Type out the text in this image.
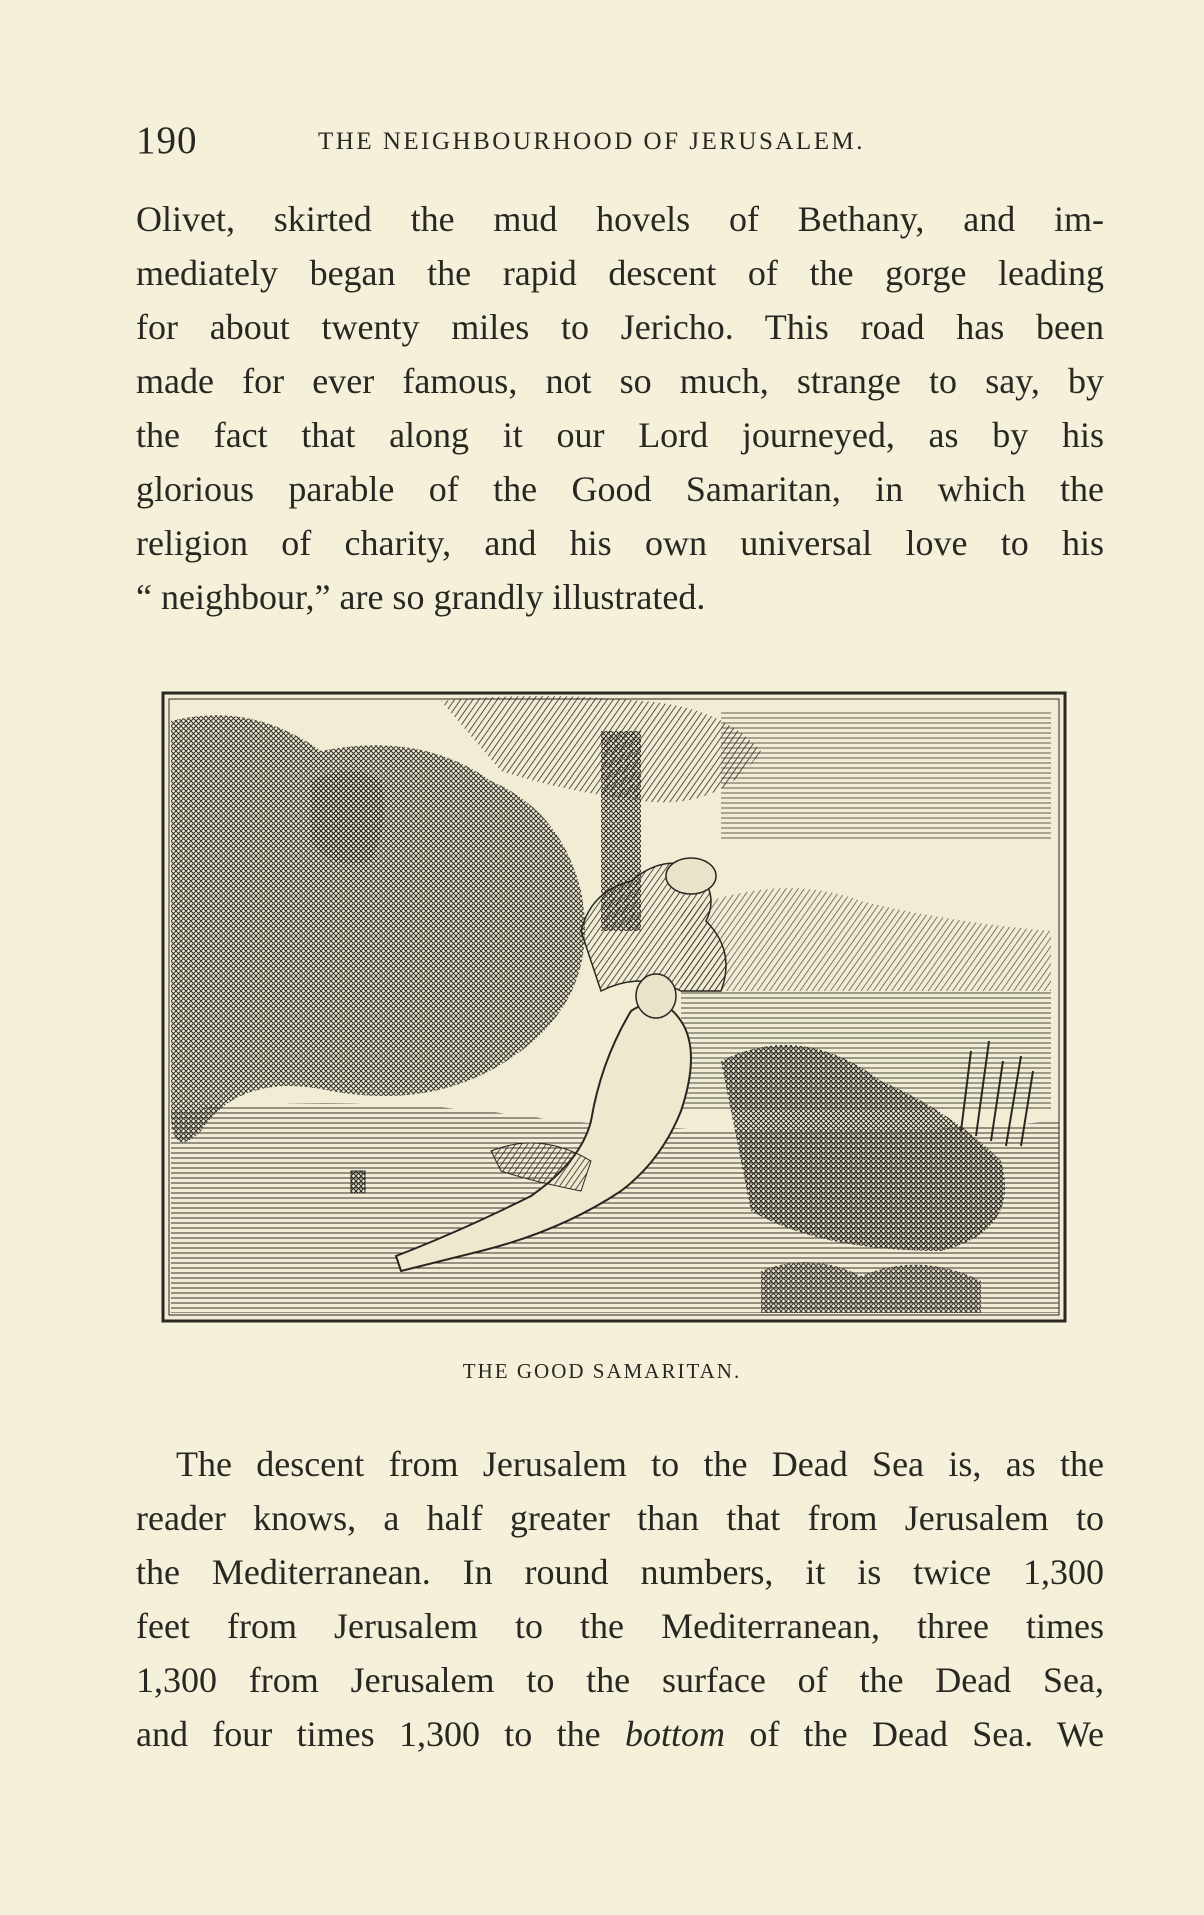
190	THE NEIGHBOURHOOD OF JERUSALEM.
Olivet, skirted the mud hovels of Bethany, and im-
mediately began the rapid descent of the gorge leading
for about twenty miles to Jericho. This road has been
made for ever famous, not so much, strange to say, by
the fact that along it our Lord journeyed, as by his
glorious parable of the Good Samaritan, in which the
religion of charity, and his own universal love to his
“ neighbour,” are so grandly illustrated.
THE GOOD SAMARITAN.
The descent from Jerusalem to the Dead Sea is, as the
reader knows, a half greater than that from Jerusalem to
the Mediterranean. In round numbers, it is twice 1,300
feet from Jerusalem to the Mediterranean, three times
1,300 from Jerusalem to the surface of the Dead Sea,
and four times 1,300 to the bottom of the Dead Sea. We
